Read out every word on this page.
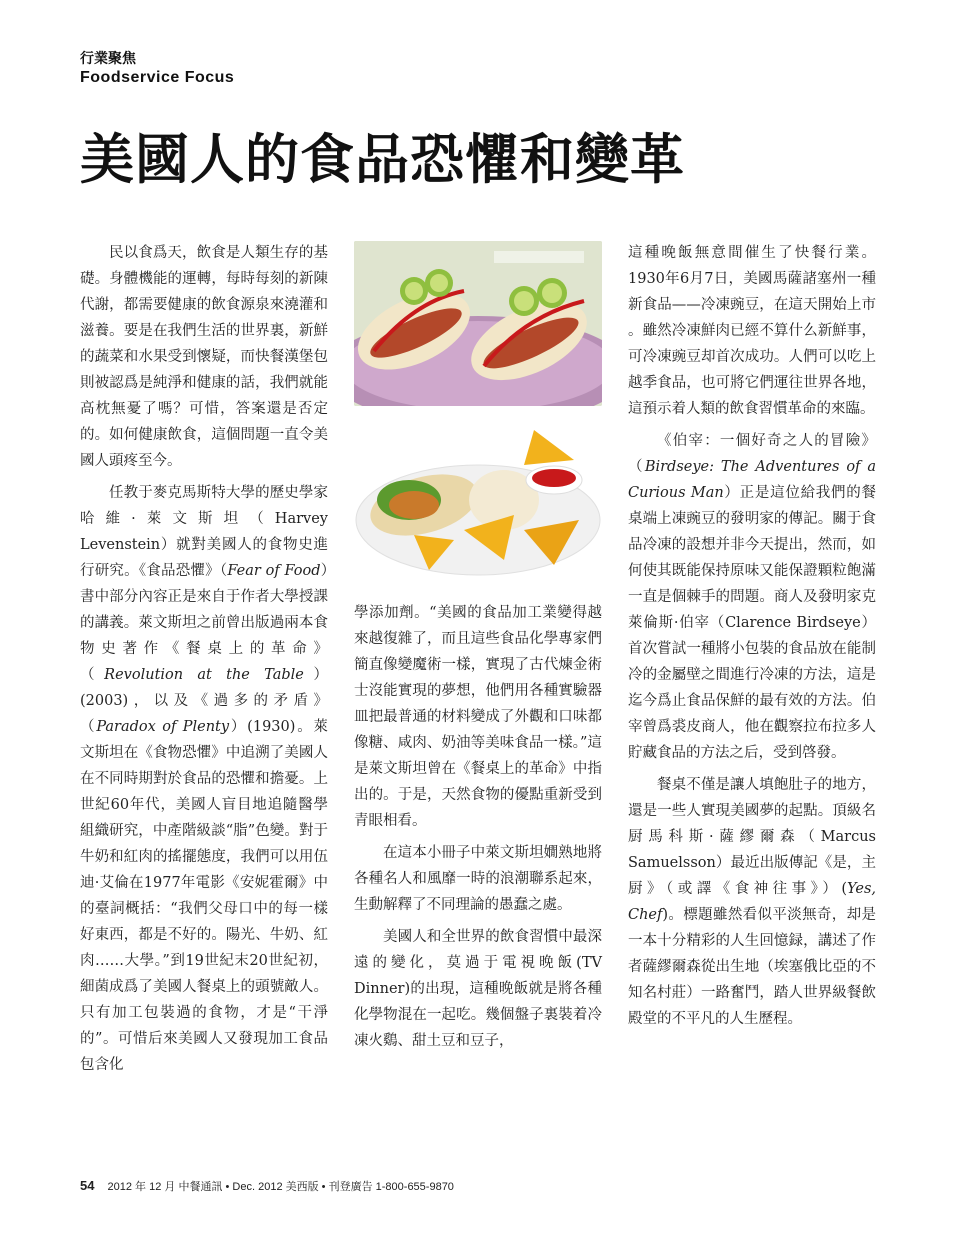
行業聚焦
Foodservice Focus
美國人的食品恐懼和變革

民以食爲天，飲食是人類生存的基礎。身體機能的運轉，每時每刻的新陳代謝，都需要健康的飲食源泉來澆灌和滋養。要是在我們生活的世界裏，新鮮的蔬菜和水果受到懷疑，而快餐漢堡包則被認爲是純淨和健康的話，我們就能高枕無憂了嗎？可惜，答案還是否定的。如何健康飲食，這個問題一直令美國人頭疼至今。

任教于麥克馬斯特大學的歷史學家哈維·萊文斯坦（Harvey Levenstein）就對美國人的食物史進行研究。《食品恐懼》（Fear of Food）書中部分內容正是來自于作者大學授課的講義。萊文斯坦之前曾出版過兩本食物史著作《餐桌上的革命》（Revolution at the Table）(2003)，以及《過多的矛盾》（Paradox of Plenty）(1930)。萊文斯坦在《食物恐懼》中追溯了美國人在不同時期對於食品的恐懼和擔憂。上世紀60年代，美國人盲目地追隨醫學組織研究，中產階級談“脂”色變。對于牛奶和紅肉的搖擺態度，我們可以用伍迪·艾倫在1977年電影《安妮霍爾》中的臺詞概括：“我們父母口中的每一樣好東西，都是不好的。陽光、牛奶、紅肉……大學。”到19世紀末20世紀初，細菌成爲了美國人餐桌上的頭號敵人。只有加工包裝過的食物，才是“干淨的”。可惜后來美國人又發現加工食品包含化

學添加劑。“美國的食品加工業變得越來越復雜了，而且這些食品化學專家們簡直像變魔術一樣，實現了古代煉金術士沒能實現的夢想，他們用各種實驗器皿把最普通的材料變成了外觀和口味都像糖、咸肉、奶油等美味食品一樣。”這是萊文斯坦曾在《餐桌上的革命》中指出的。于是，天然食物的優點重新受到青眼相看。

在這本小冊子中萊文斯坦嫺熟地將各種名人和風靡一時的浪潮聯系起來，生動解釋了不同理論的愚蠢之處。

美國人和全世界的飲食習慣中最深遠的變化，莫過于電視晚飯(TV Dinner)的出現，這種晚飯就是將各種化學物混在一起吃。幾個盤子裏裝着冷凍火鷄、甜土豆和豆子，

這種晚飯無意間催生了快餐行業。1930年6月7日，美國馬薩諸塞州一種新食品——冷凍豌豆，在這天開始上市 。雖然冷凍鮮肉已經不算什么新鮮事，可冷凍豌豆却首次成功。人們可以吃上越季食品，也可將它們運往世界各地，這預示着人類的飲食習慣革命的來臨。

《伯宰：一個好奇之人的冒險》（Birdseye: The Adventures of a Curious Man）正是這位給我們的餐桌端上凍豌豆的發明家的傳記。關于食品冷凍的設想并非今天提出，然而，如何使其既能保持原味又能保證顆粒飽滿一直是個棘手的問題。商人及發明家克萊倫斯·伯宰（Clarence Birdseye）首次嘗試一種將小包裝的食品放在能制冷的金屬壁之間進行冷凍的方法，這是迄今爲止食品保鮮的最有效的方法。伯宰曾爲裘皮商人，他在觀察拉布拉多人貯藏食品的方法之后，受到啓發。

餐桌不僅是讓人填飽肚子的地方，還是一些人實現美國夢的起點。頂級名厨馬科斯·薩繆爾森（Marcus Samuelsson）最近出版傳記《是，主厨》（或譯《食神往事》）(Yes, Chef)。標題雖然看似平淡無奇，却是一本十分精彩的人生回憶録，講述了作者薩繆爾森從出生地（埃塞俄比亞的不知名村莊）一路奮鬥，踏人世界級餐飲殿堂的不平凡的人生歷程。

54 2012 年 12 月 中餐通訊 • Dec. 2012 美西版 • 刊登廣告 1-800-655-9870
